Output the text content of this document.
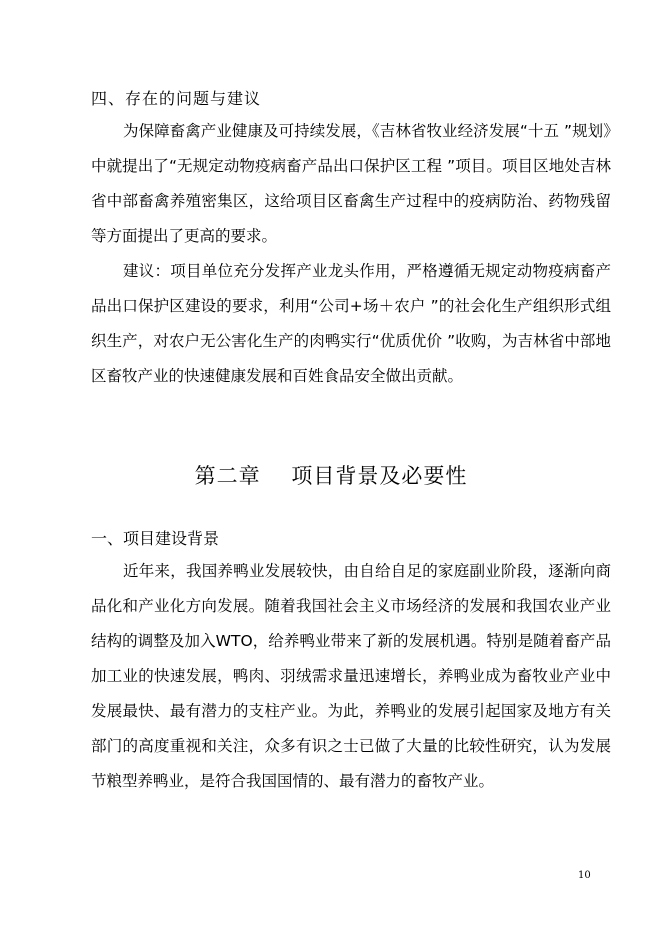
四、存在的问题与建议
为保障畜禽产业健康及可持续发展，《吉林省牧业经济发展“十五 ”规划》中就提出了“无规定动物疫病畜产品出口保护区工程 ”项目。项目区地处吉林省中部畜禽养殖密集区，这给项目区畜禽生产过程中的疫病防治、药物残留等方面提出了更高的要求。
建议：项目单位充分发挥产业龙头作用，严格遵循无规定动物疫病畜产品出口保护区建设的要求，利用“公司+场＋农户 ”的社会化生产组织形式组织生产，对农户无公害化生产的肉鸭实行“优质优价 ”收购，为吉林省中部地区畜牧产业的快速健康发展和百姓食品安全做出贡献。
第二章    项目背景及必要性
一、项目建设背景
近年来，我国养鸭业发展较快，由自给自足的家庭副业阶段，逐渐向商品化和产业化方向发展。随着我国社会主义市场经济的发展和我国农业产业结构的调整及加入WTO，给养鸭业带来了新的发展机遇。特别是随着畜产品加工业的快速发展，鸭肉、羽绒需求量迅速增长，养鸭业成为畜牧业产业中发展最快、最有潜力的支柱产业。为此，养鸭业的发展引起国家及地方有关部门的高度重视和关注，众多有识之士已做了大量的比较性研究，认为发展节粮型养鸭业，是符合我国国情的、最有潜力的畜牧产业。
10
